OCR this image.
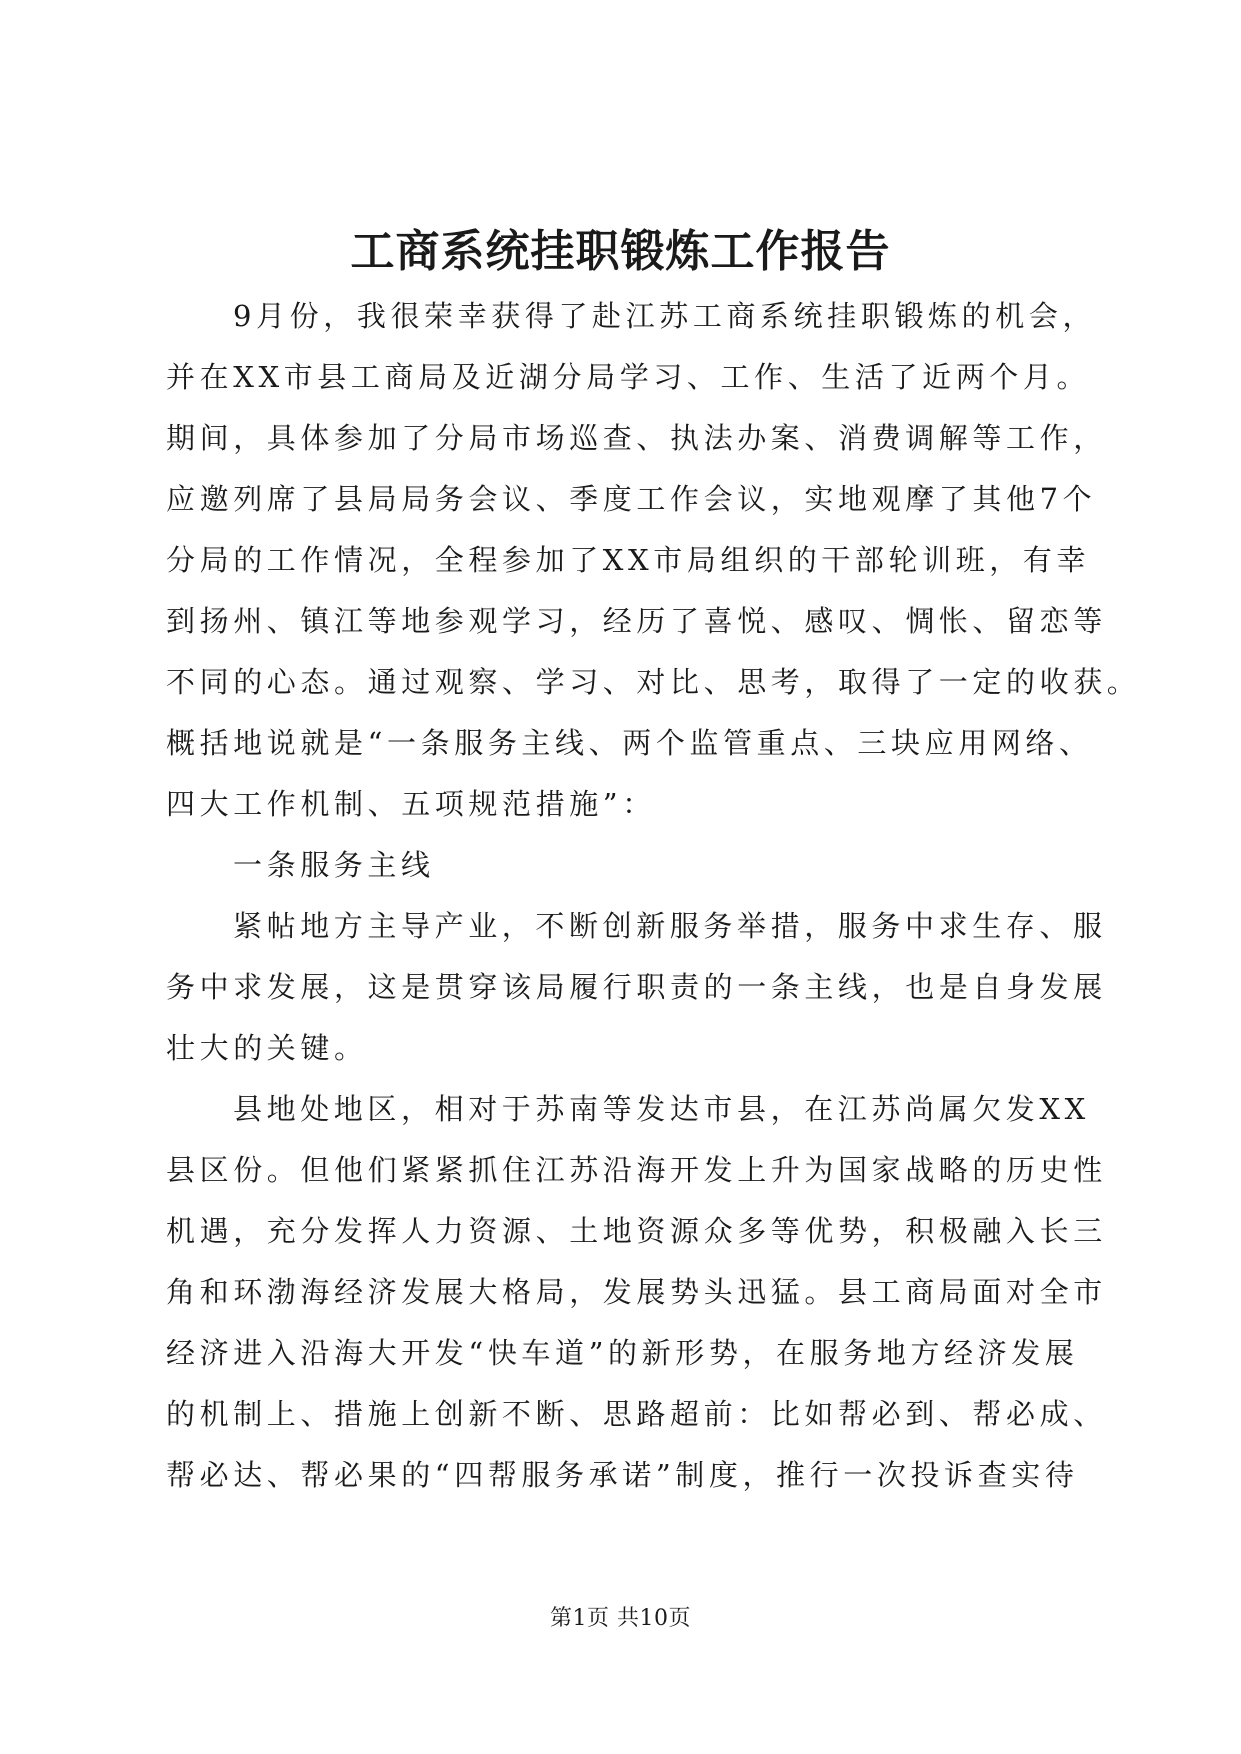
工商系统挂职锻炼工作报告
9月份，我很荣幸获得了赴江苏工商系统挂职锻炼的机会，
并在XX市县工商局及近湖分局学习、工作、生活了近两个月。
期间，具体参加了分局市场巡查、执法办案、消费调解等工作，
应邀列席了县局局务会议、季度工作会议，实地观摩了其他7个
分局的工作情况，全程参加了XX市局组织的干部轮训班，有幸
到扬州、镇江等地参观学习，经历了喜悦、感叹、惆怅、留恋等
不同的心态。通过观察、学习、对比、思考，取得了一定的收获。
概括地说就是“一条服务主线、两个监管重点、三块应用网络、
四大工作机制、五项规范措施”：
一条服务主线
紧帖地方主导产业，不断创新服务举措，服务中求生存、服
务中求发展，这是贯穿该局履行职责的一条主线，也是自身发展
壮大的关键。
县地处地区，相对于苏南等发达市县，在江苏尚属欠发XX
县区份。但他们紧紧抓住江苏沿海开发上升为国家战略的历史性
机遇，充分发挥人力资源、土地资源众多等优势，积极融入长三
角和环渤海经济发展大格局，发展势头迅猛。县工商局面对全市
经济进入沿海大开发“快车道”的新形势，在服务地方经济发展
的机制上、措施上创新不断、思路超前：比如帮必到、帮必成、
帮必达、帮必果的“四帮服务承诺”制度，推行一次投诉查实待
第1页 共10页
